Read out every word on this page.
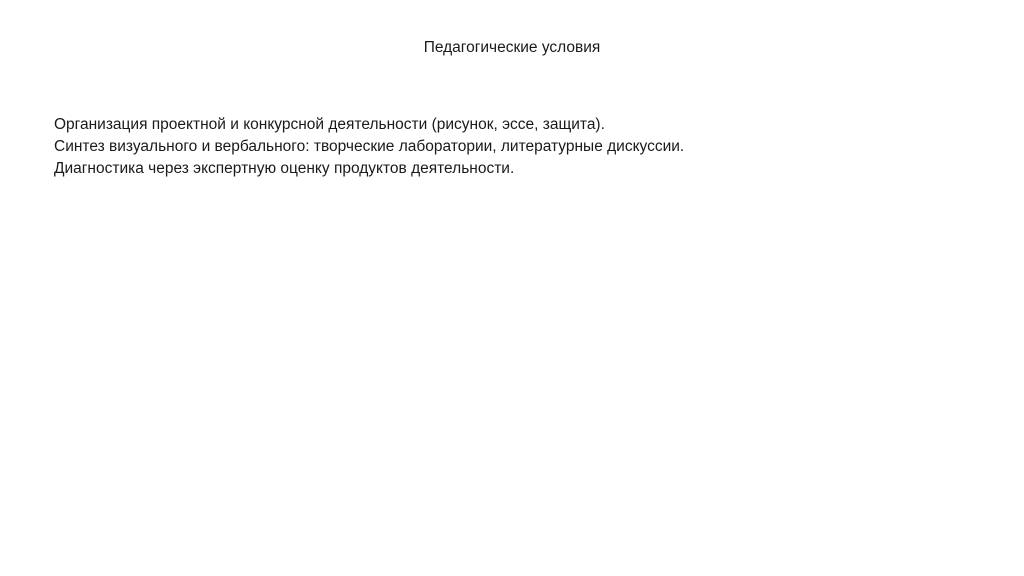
Педагогические условия
Организация проектной и конкурсной деятельности (рисунок, эссе, защита).
Синтез визуального и вербального: творческие лаборатории, литературные дискуссии.
Диагностика через экспертную оценку продуктов деятельности.
